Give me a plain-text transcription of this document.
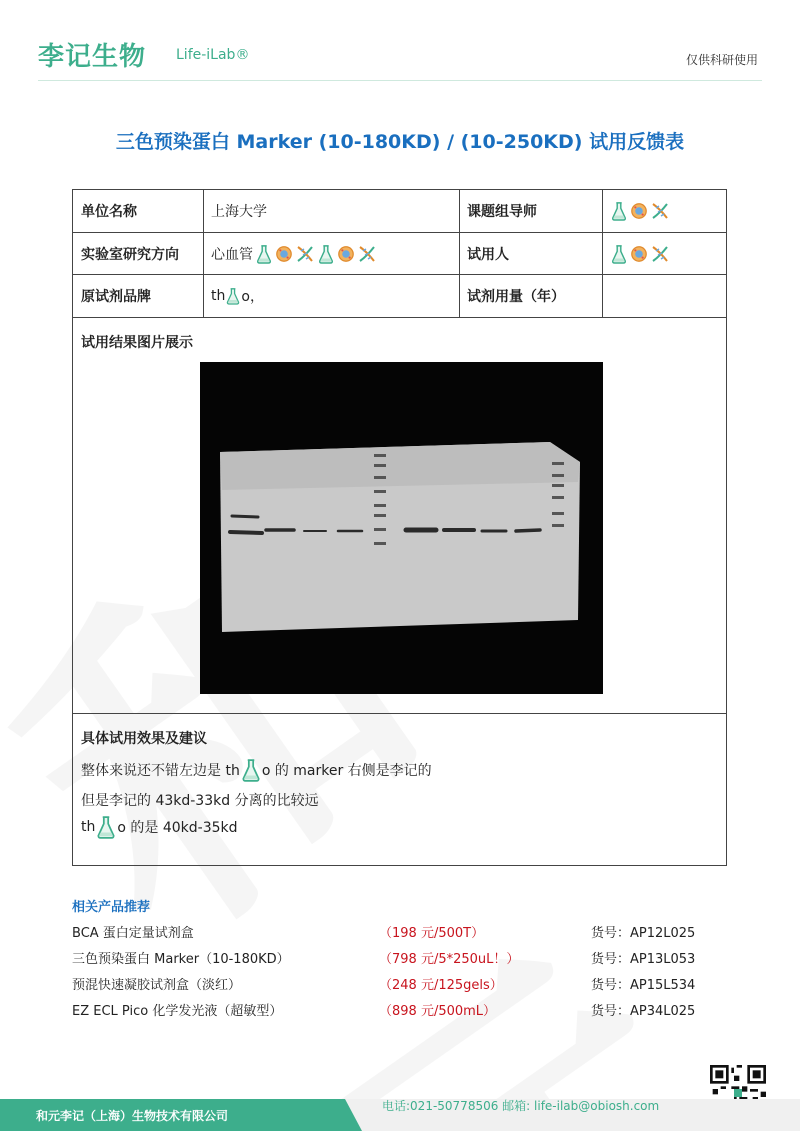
李记生物 Life-iLab®	仅供科研使用
三色预染蛋白 Marker (10-180KD) / (10-250KD) 试用反馈表
单位名称	上海大学	课题组导师
实验室研究方向	心血管	试用人
原试剂品牌	th o，	试剂用量（年）
试用结果图片展示
具体试用效果及建议
整体来说还不错左边是 th o 的 marker 右侧是李记的
但是李记的 43kd-33kd 分离的比较远
th o 的是 40kd-35kd
相关产品推荐
BCA 蛋白定量试剂盒	（198 元/500T）	货号：AP12L025
三色预染蛋白 Marker（10-180KD）	（798 元/5*250uL！）	货号：AP13L053
预混快速凝胶试剂盒（淡红）	（248 元/125gels）	货号：AP15L534
EZ ECL Pico 化学发光液（超敏型）	（898 元/500mL）	货号：AP34L025
和元李记（上海）生物技术有限公司
电话:021-50778506 邮箱: life-ilab@obiosh.com
